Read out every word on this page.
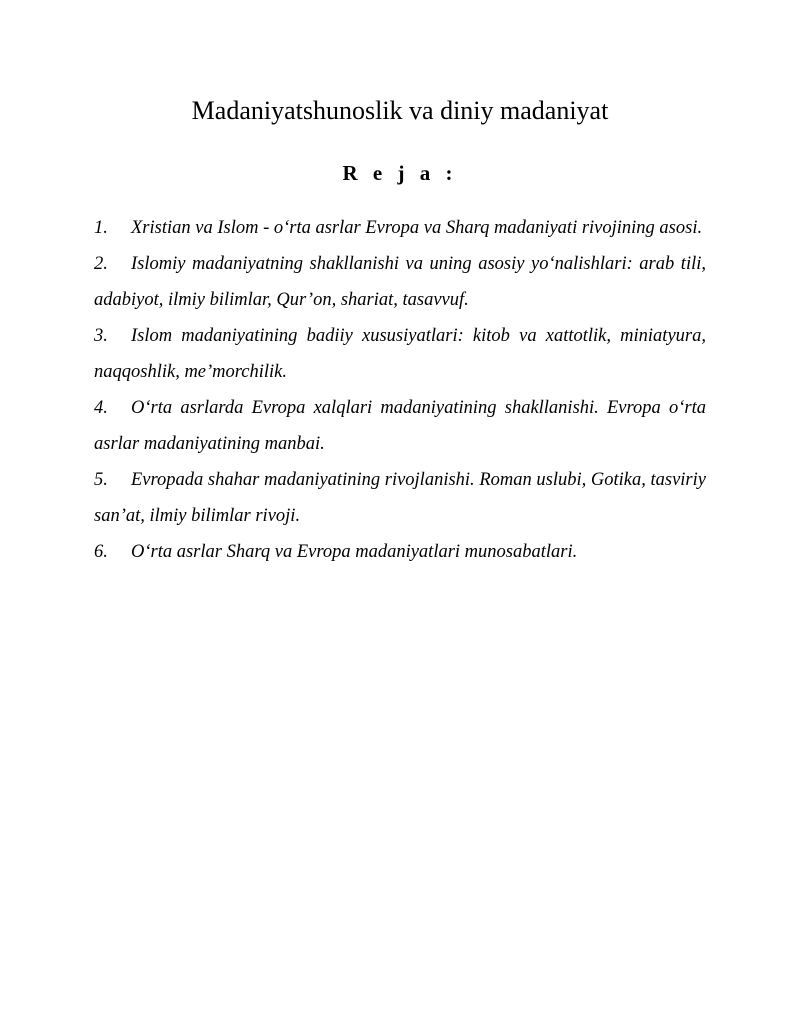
Madaniyatshunoslik va diniy madaniyat
R e j a :
1. Xristian va Islom - o‘rta asrlar Evropa va Sharq madaniyati rivojining asosi.
2. Islomiy madaniyatning shakllanishi va uning asosiy yo‘nalishlari: arab tili, adabiyot, ilmiy bilimlar, Qur’on, shariat, tasavvuf.
3. Islom madaniyatining badiiy xususiyatlari: kitob va xattotlik, miniatyura, naqqoshlik, me’morchilik.
4. O‘rta asrlarda Evropa xalqlari madaniyatining shakllanishi. Evropa o‘rta asrlar madaniyatining manbai.
5. Evropada shahar madaniyatining rivojlanishi. Roman uslubi, Gotika, tasviriy san’at, ilmiy bilimlar rivoji.
6. O‘rta asrlar Sharq va Evropa madaniyatlari munosabatlari.
